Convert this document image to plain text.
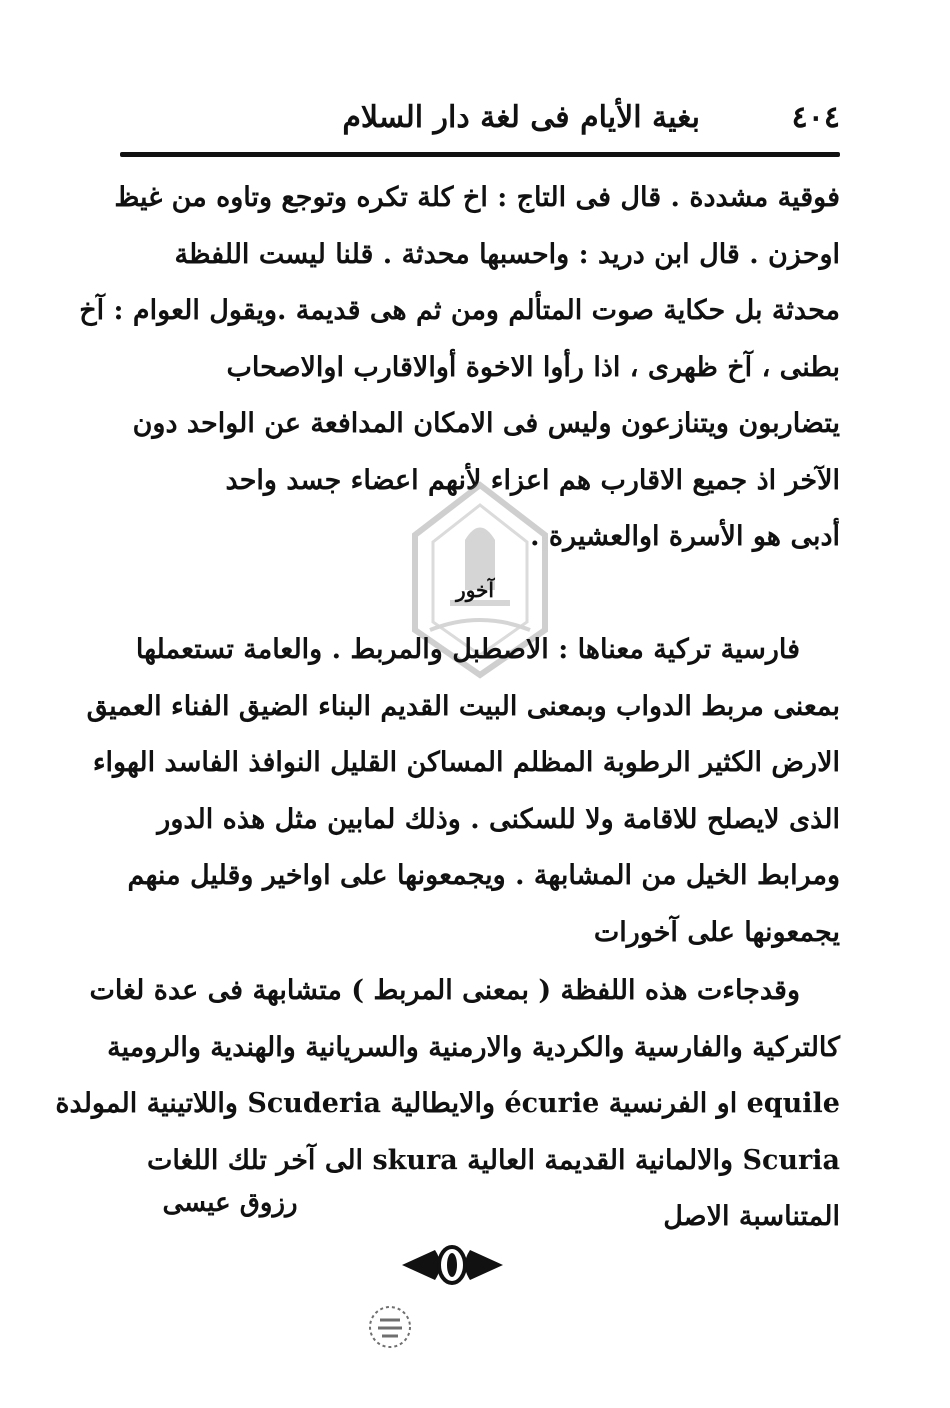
٤٠٤
بغية الأيام فى لغة دار السلام
فوقية مشددة . قال فى التاج : اخ كلة تكره وتوجع وتاوه من غيظ
اوحزن . قال ابن دريد : واحسبها محدثة . قلنا ليست اللفظة
محدثة بل حكاية صوت المتألم ومن ثم هى قديمة .ويقول العوام : آخ
بطنى ، آخ ظهرى ، اذا رأوا الاخوة أوالاقارب اوالاصحاب
يتضاربون ويتنازعون وليس فى الامكان المدافعة عن الواحد دون
الآخر اذ جميع الاقارب هم اعزاء لأنهم اعضاء جسد واحد
أدبى هو الأسرة اوالعشيرة .
آخور
فارسية تركية معناها : الاصطبل والمربط . والعامة تستعملها
بمعنى مربط الدواب وبمعنى البيت القديم البناء الضيق الفناء العميق
الارض الكثير الرطوبة المظلم المساكن القليل النوافذ الفاسد الهواء
الذى لايصلح للاقامة ولا للسكنى . وذلك لمابين مثل هذه الدور
ومرابط الخيل من المشابهة . ويجمعونها على اواخير وقليل منهم
يجمعونها على آخورات
وقدجاءت هذه اللفظة ( بمعنى المربط ) متشابهة فى عدة لغات
كالتركية والفارسية والكردية والارمنية والسريانية والهندية والرومية
equile او الفرنسية écurie والايطالية Scuderia واللاتينية المولدة
Scuria والالمانية القديمة العالية skura الى آخر تلك اللغات
المتناسبة الاصل
رزوق عيسى
